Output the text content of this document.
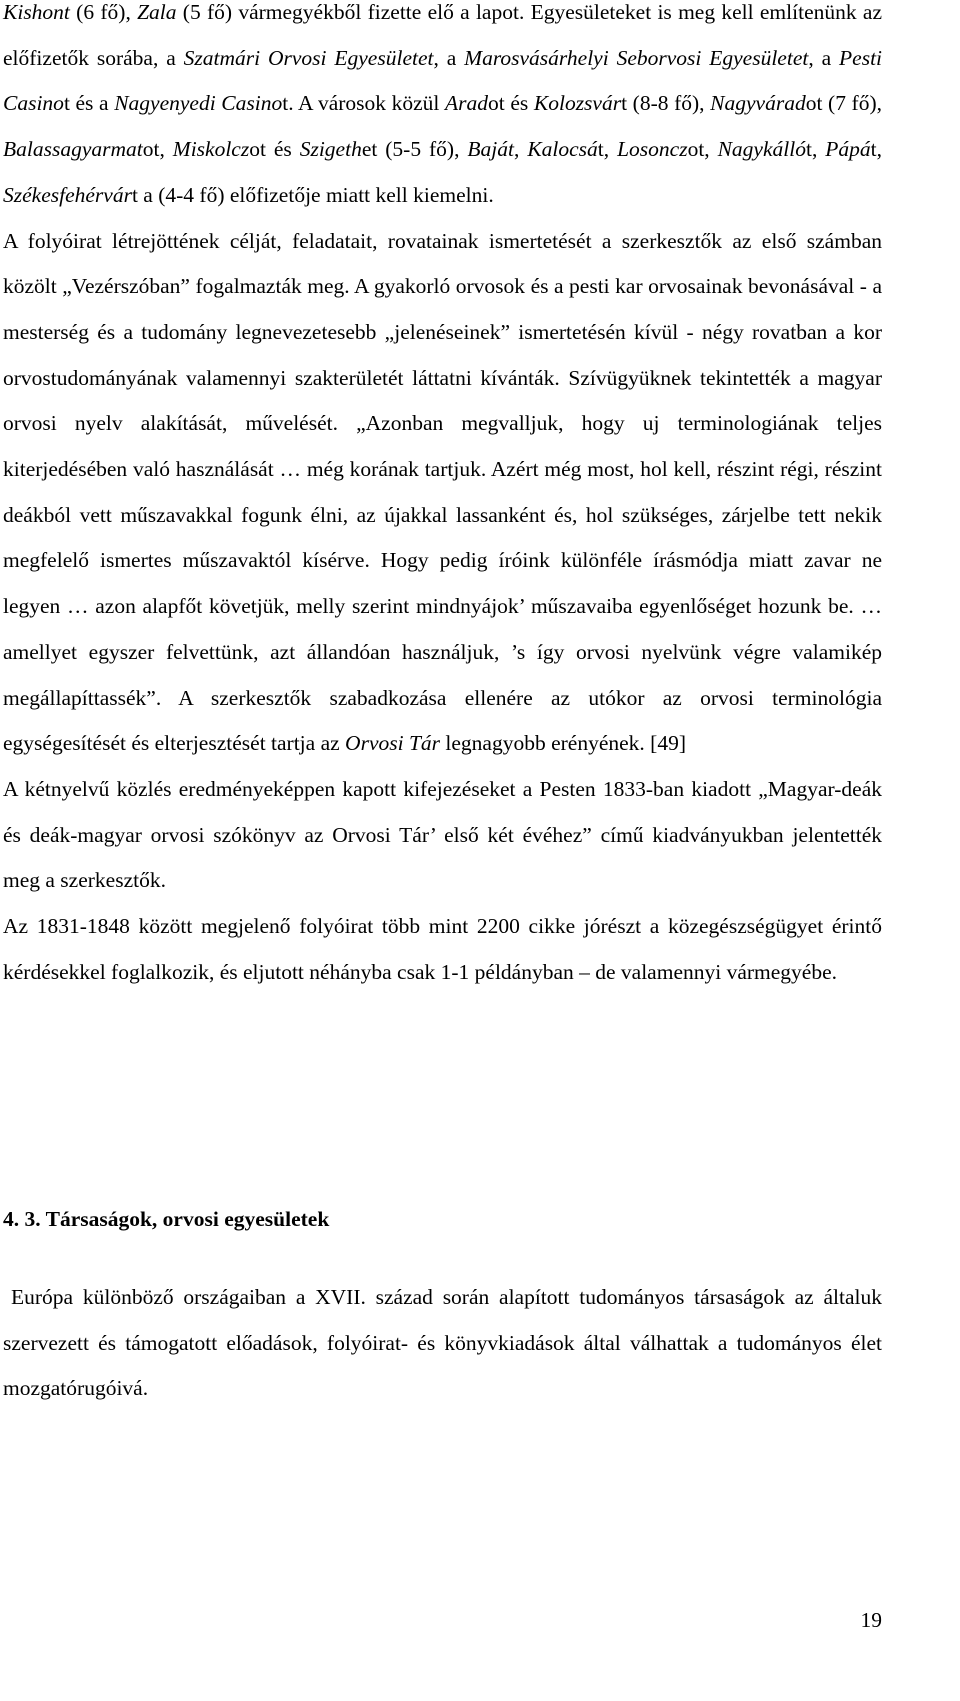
Kishont (6 fő), Zala (5 fő) vármegyékből fizette elő a lapot. Egyesületeket is meg kell említenünk az előfizetők sorába, a Szatmári Orvosi Egyesületet, a Marosvásárhelyi Seborvosi Egyesületet, a Pesti Casinot és a Nagyenyedi Casinot. A városok közül Aradot és Kolozsvárt (8-8 fő), Nagyváradot (7 fő), Balassagyarmatot, Miskolczot és Szigethet (5-5 fő), Baját, Kalocsát, Losonczot, Nagykállót, Pápát, Székesfehérvárt a (4-4 fő) előfizetője miatt kell kiemelni.

A folyóirat létrejöttének célját, feladatait, rovatainak ismertetését a szerkesztők az első számban közölt „Vezérszóban” fogalmazták meg. A gyakorló orvosok és a pesti kar orvosainak bevonásával - a mesterség és a tudomány legnevezetesebb „jelenéseinek” ismertetésén kívül - négy rovatban a kor orvostudományának valamennyi szakterületét láttatni kívánták. Szívügyüknek tekintették a magyar orvosi nyelv alakítását, művelését. „Azonban megvalljuk, hogy uj terminologiának teljes kiterjedésében való használását … még korának tartjuk. Azért még most, hol kell, részint régi, részint deákból vett műszavakkal fogunk élni, az újakkal lassanként és, hol szükséges, zárjelbe tett nekik megfelelő ismertes műszavaktól kísérve. Hogy pedig íróink különféle írásmódja miatt zavar ne legyen … azon alapfőt követjük, melly szerint mindnyájok’ műszavaiba egyenlőséget hozunk be. … amellyet egyszer felvettünk, azt állandóan használjuk, ’s így orvosi nyelvünk végre valamikép megállapíttassék”. A szerkesztők szabadkozása ellenére az utókor az orvosi terminológia egységesítését és elterjesztését tartja az Orvosi Tár legnagyobb erényének. [49]

A kétnyelvű közlés eredményeképpen kapott kifejezéseket a Pesten 1833-ban kiadott „Magyar-deák és deák-magyar orvosi szókönyv az Orvosi Tár’ első két évéhez” című kiadványukban jelentették meg a szerkesztők.

Az 1831-1848 között megjelenő folyóirat több mint 2200 cikke jórészt a közegészségügyet érintő kérdésekkel foglalkozik, és eljutott néhányba csak 1-1 példányban – de valamennyi vármegyébe.

4. 3. Társaságok, orvosi egyesületek

Európa különböző országaiban a XVII. század során alapított tudományos társaságok az általuk szervezett és támogatott előadások, folyóirat- és könyvkiadások által válhattak a tudományos élet mozgatórugóivá.

19
